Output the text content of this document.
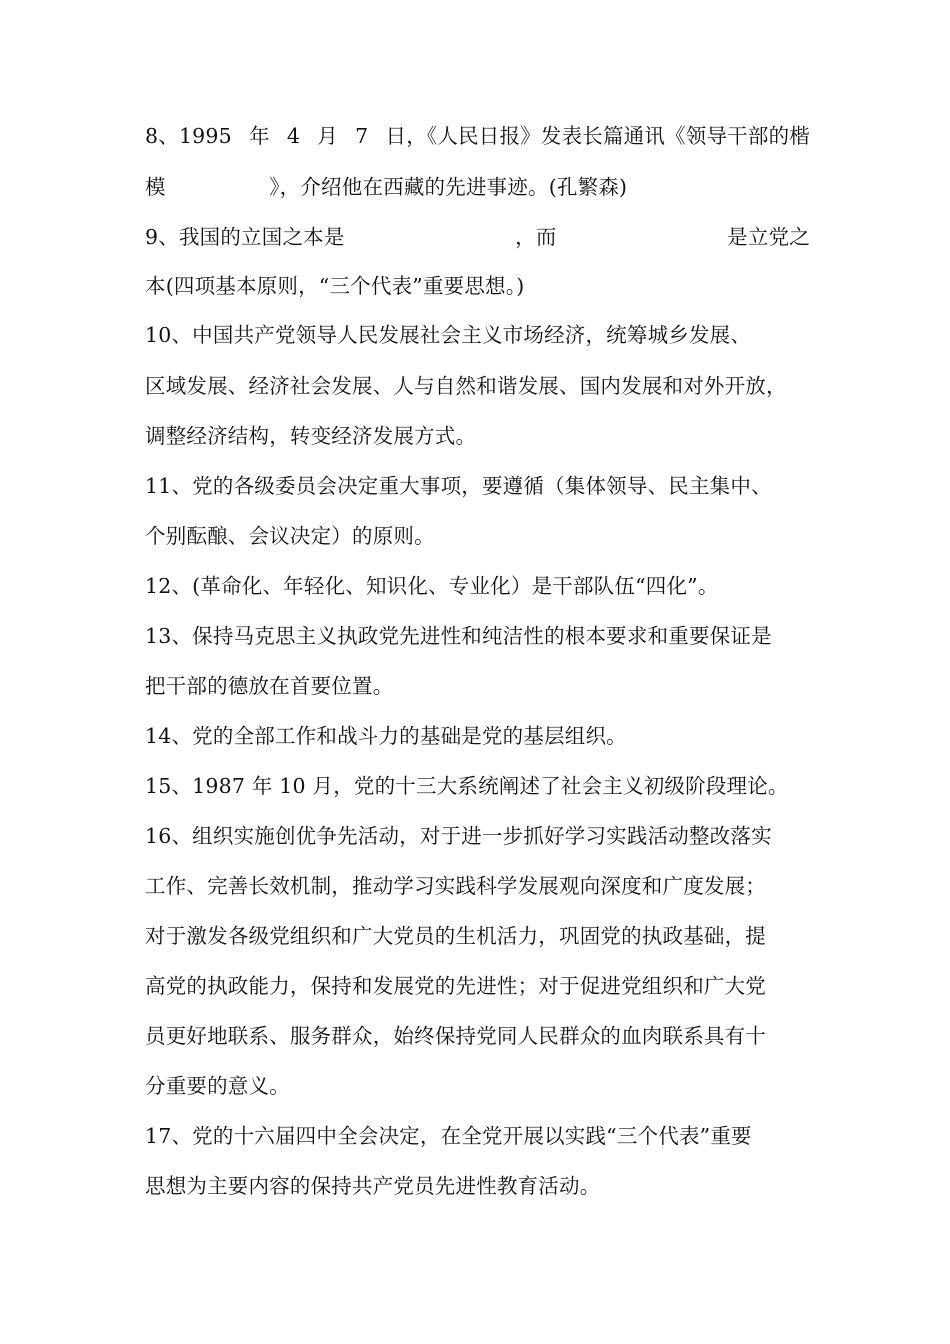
8、1995 年 4 月 7 日，《人民日报》发表长篇通讯《领导干部的楷
模　　　　　》，介绍他在西藏的先进事迹。(孔繁森)
9、我国的立国之本是	，而	是立党之
本(四项基本原则，“三个代表”重要思想。)
10、中国共产党领导人民发展社会主义市场经济，统筹城乡发展、
区域发展、经济社会发展、人与自然和谐发展、国内发展和对外开放，
调整经济结构，转变经济发展方式。
11、党的各级委员会决定重大事项，要遵循（集体领导、民主集中、
个别酝酿、会议决定）的原则。
12、(革命化、年轻化、知识化、专业化）是干部队伍“四化”。
13、保持马克思主义执政党先进性和纯洁性的根本要求和重要保证是
把干部的德放在首要位置。
14、党的全部工作和战斗力的基础是党的基层组织。
15、1987 年 10 月，党的十三大系统阐述了社会主义初级阶段理论。
16、组织实施创优争先活动，对于进一步抓好学习实践活动整改落实
工作、完善长效机制，推动学习实践科学发展观向深度和广度发展；
对于激发各级党组织和广大党员的生机活力，巩固党的执政基础，提
高党的执政能力，保持和发展党的先进性；对于促进党组织和广大党
员更好地联系、服务群众，始终保持党同人民群众的血肉联系具有十
分重要的意义。
17、党的十六届四中全会决定，在全党开展以实践“三个代表”重要
思想为主要内容的保持共产党员先进性教育活动。
